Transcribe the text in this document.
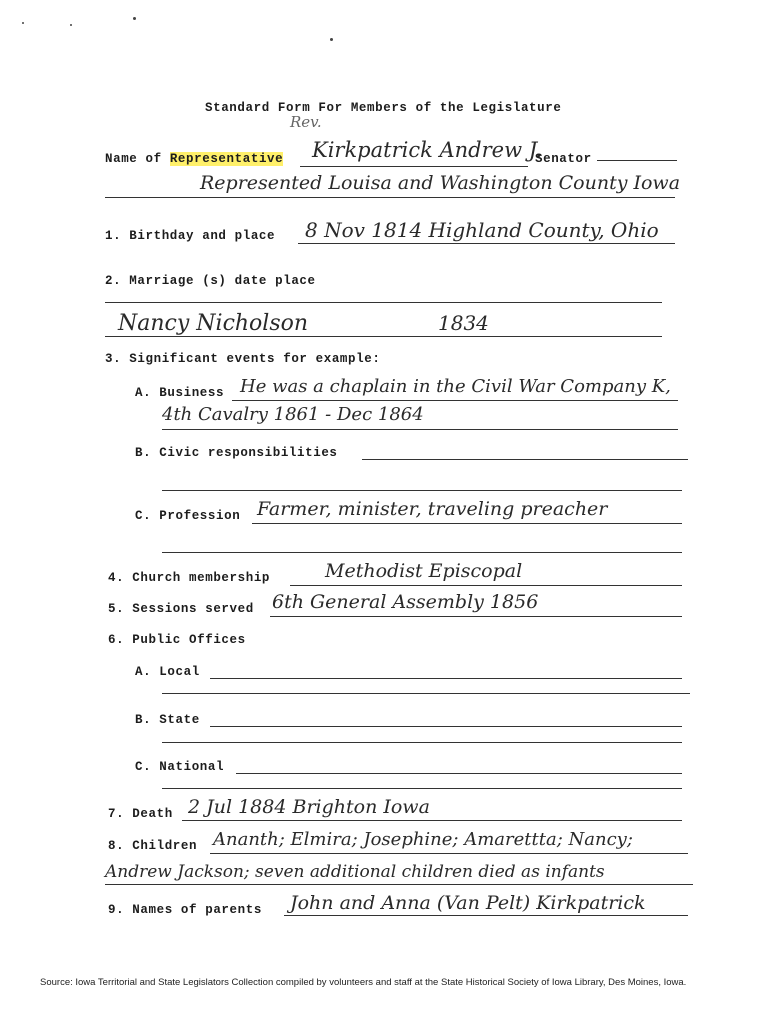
Standard Form For Members of the Legislature
Rev.
Name of Representative Kirkpatrick Andrew J.
Senator
Represented Louisa and Washington County Iowa
1. Birthday and place 8 Nov 1814 Highland County, Ohio
2. Marriage (s) date place
Nancy Nicholson	1834
3. Significant events for example:
A. Business He was a chaplain in the Civil War Company K,
4th Cavalry 1861 - Dec 1864
B. Civic responsibilities
C. Profession Farmer, minister, traveling preacher
4. Church membership	Methodist Episcopal
5. Sessions served 6th General Assembly 1856
6. Public Offices
A. Local
B. State
C. National
7. Death 2 Jul 1884 Brighton Iowa
8. Children Ananth; Elmira; Josephine; Amarettta; Nancy;
Andrew Jackson; seven additional children died as infants
9. Names of parents John and Anna (Van Pelt) Kirkpatrick
Source: Iowa Territorial and State Legislators Collection compiled by volunteers and staff at the State Historical Society of Iowa Library, Des Moines, Iowa.
